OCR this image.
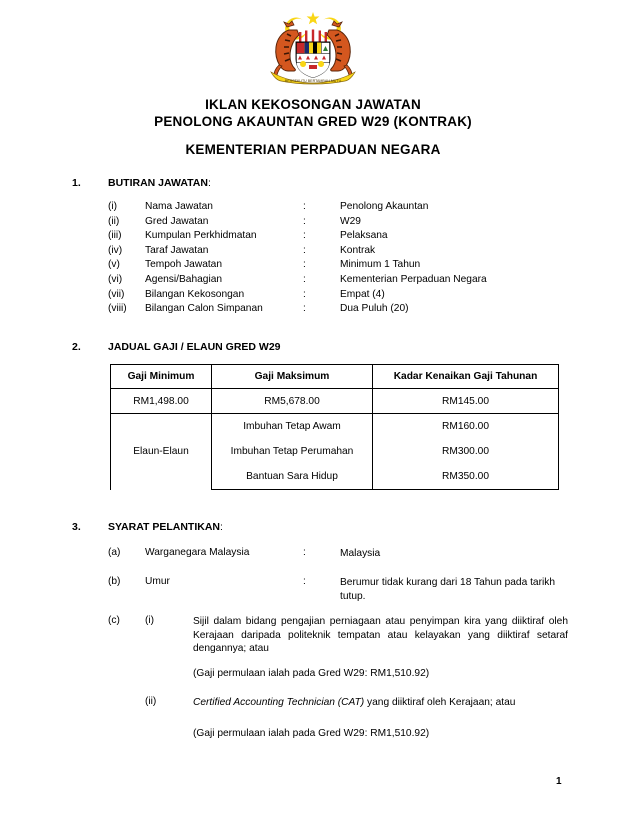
BERSEKUTU BERTAMBAH MUTU
IKLAN KEKOSONGAN JAWATAN
PENOLONG AKAUNTAN GRED W29 (KONTRAK)
KEMENTERIAN PERPADUAN NEGARA
1.	BUTIRAN JAWATAN:
(i)	Nama Jawatan	:	Penolong Akauntan
(ii)	Gred Jawatan	:	W29
(iii) Kumpulan Perkhidmatan	:	Pelaksana
(iv) Taraf Jawatan	:	Kontrak
(v) Tempoh Jawatan	:	Minimum 1 Tahun
(vi) Agensi/Bahagian	:	Kementerian Perpaduan Negara
(vii) Bilangan Kekosongan	:	Empat (4)
(viii) Bilangan Calon Simpanan	:	Dua Puluh (20)
2.	JADUAL GAJI / ELAUN GRED W29
Gaji Minimum	Gaji Maksimum	Kadar Kenaikan Gaji Tahunan
RM1,498.00	RM5,678.00	RM145.00
Elaun-Elaun	Imbuhan Tetap Awam	RM160.00
	Imbuhan Tetap Perumahan	RM300.00
	Bantuan Sara Hidup	RM350.00
3.	SYARAT PELANTIKAN:
(a) Warganegara Malaysia	:	Malaysia
(b) Umur	:	Berumur tidak kurang dari 18 Tahun pada tarikh tutup.
(c) (i)	Sijil dalam bidang pengajian perniagaan atau penyimpan kira yang diiktiraf oleh Kerajaan daripada politeknik tempatan atau kelayakan yang diiktiraf setaraf dengannya; atau
(Gaji permulaan ialah pada Gred W29: RM1,510.92)
(ii)	Certified Accounting Technician (CAT) yang diiktiraf oleh Kerajaan; atau
(Gaji permulaan ialah pada Gred W29: RM1,510.92)
1
